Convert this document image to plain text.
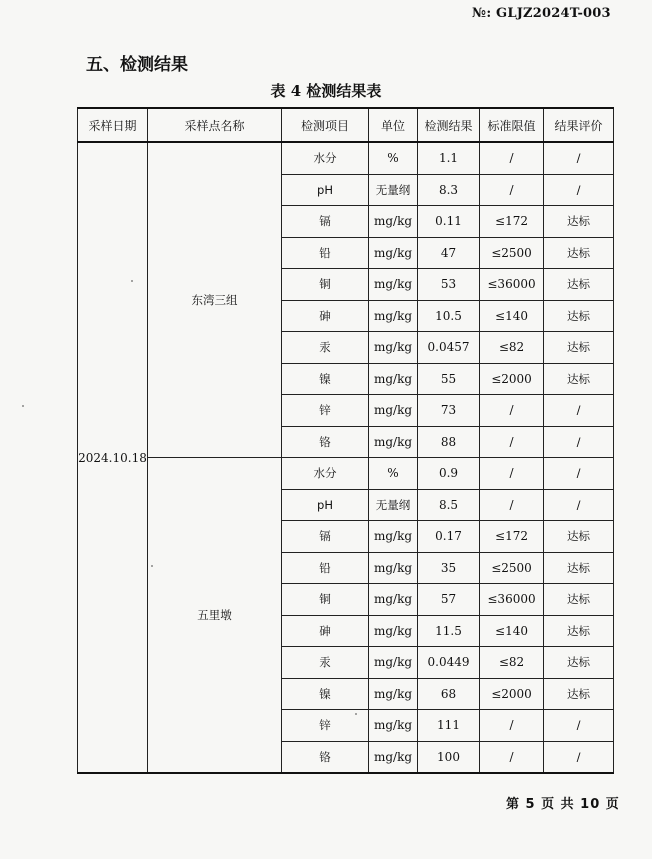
№: GLJZ2024T-003
五、检测结果
表 4 检测结果表
采样日期	采样点名称	检测项目	单位	检测结果	标准限值	结果评价
2024.10.18	东湾三组	水分	%	1.1	/	/
		pH	无量纲	8.3	/	/
		镉	mg/kg	0.11	≤172	达标
		铅	mg/kg	47	≤2500	达标
		铜	mg/kg	53	≤36000	达标
		砷	mg/kg	10.5	≤140	达标
		汞	mg/kg	0.0457	≤82	达标
		镍	mg/kg	55	≤2000	达标
		锌	mg/kg	73	/	/
		铬	mg/kg	88	/	/
	五里墩	水分	%	0.9	/	/
		pH	无量纲	8.5	/	/
		镉	mg/kg	0.17	≤172	达标
		铅	mg/kg	35	≤2500	达标
		铜	mg/kg	57	≤36000	达标
		砷	mg/kg	11.5	≤140	达标
		汞	mg/kg	0.0449	≤82	达标
		镍	mg/kg	68	≤2000	达标
		锌	mg/kg	111	/	/
		铬	mg/kg	100	/	/
第 5 页 共 10 页
